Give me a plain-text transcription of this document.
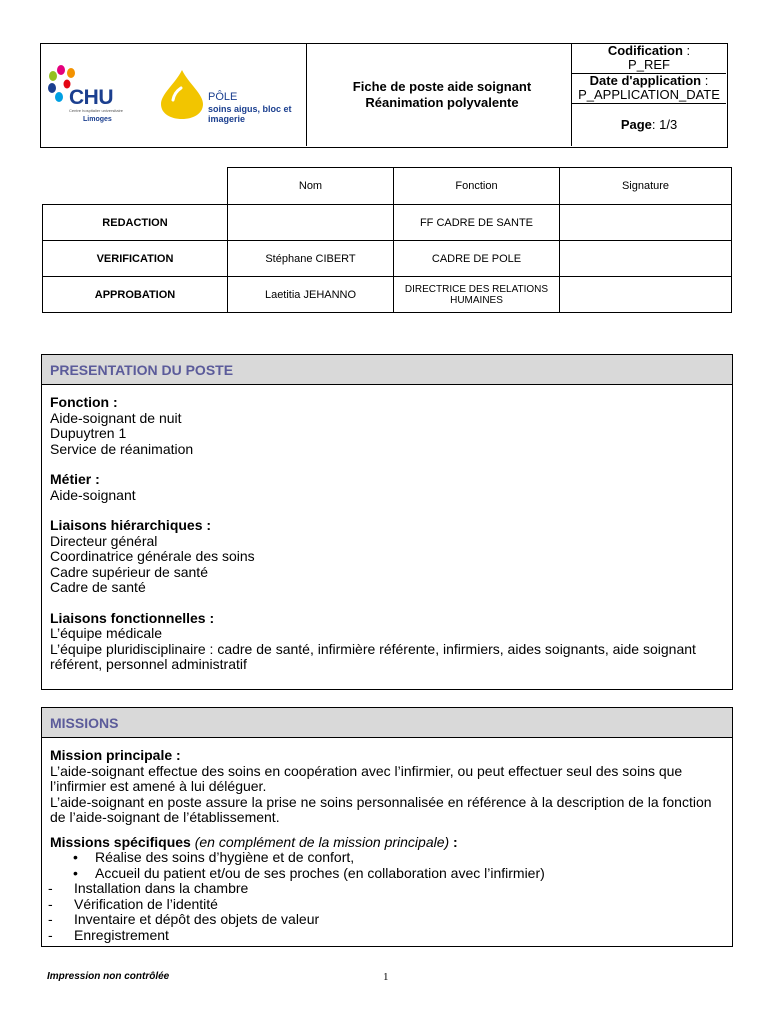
CHU
Centre hospitalier universitaire
Limoges
PÔLE
soins aigus, bloc et imagerie
Fiche de poste aide soignant
Réanimation polyvalente
Codification :
P_REF
Date d'application :
P_APPLICATION_DATE
Page : 1/3
	Nom	Fonction	Signature
REDACTION		FF CADRE DE SANTE	
VERIFICATION	Stéphane CIBERT	CADRE DE POLE	
APPROBATION	Laetitia JEHANNO	DIRECTRICE DES RELATIONS HUMAINES	
PRESENTATION DU POSTE

Fonction :

Aide-soignant de nuit

Dupuytren 1

Service de réanimation

Métier :

Aide-soignant

Liaisons hiérarchiques :

Directeur général

Coordinatrice générale des soins

Cadre supérieur de santé

Cadre de santé

Liaisons fonctionnelles :

L’équipe médicale

L’équipe pluridisciplinaire : cadre de santé, infirmière référente, infirmiers, aides soignants, aide soignant référent, personnel administratif

MISSIONS

Mission principale :

L’aide-soignant effectue des soins en coopération avec l’infirmier, ou peut effectuer seul des soins que l’infirmier est amené à lui déléguer.

L’aide-soignant en poste assure la prise ne soins personnalisée en référence à la description de la fonction de l’aide-soignant de l’établissement.

Missions spécifiques (en complément de la mission principale) :

• Réalise des soins d’hygiène et de confort,
• Accueil du patient et/ou de ses proches (en collaboration avec l’infirmier)
- Installation dans la chambre
- Vérification de l’identité
- Inventaire et dépôt des objets de valeur
- Enregistrement
Impression non contrôlée	1
